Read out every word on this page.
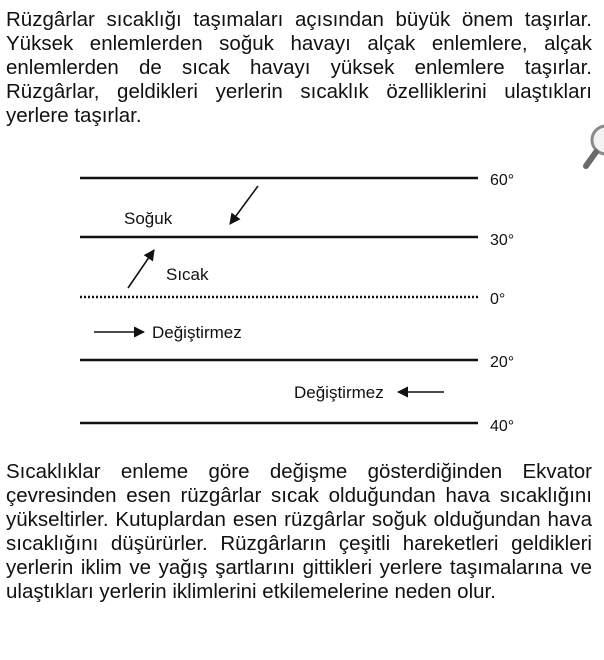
Rüzgârlar sıcaklığı taşımaları açısından büyük önem taşırlar. Yüksek enlemlerden soğuk havayı alçak enlemlere, alçak enlemlerden de sıcak havayı yüksek enlemlere taşırlar. Rüzgârlar, geldikleri yerlerin sıcaklık özelliklerini ulaştıkları yerlere taşırlar.

60°
30°
0°
20°
40°
Soğuk
Sıcak
Değiştirmez
Değiştirmez

Sıcaklıklar enleme göre değişme gösterdiğinden Ekvator çevresinden esen rüzgârlar sıcak olduğundan hava sıcaklığını yükseltirler. Kutuplardan esen rüzgârlar soğuk olduğundan hava sıcaklığını düşürürler. Rüzgârların çeşitli hareketleri geldikleri yerlerin iklim ve yağış şartlarını gittikleri yerlere taşımalarına ve ulaştıkları yerlerin iklimlerini etkilemelerine neden olur.
